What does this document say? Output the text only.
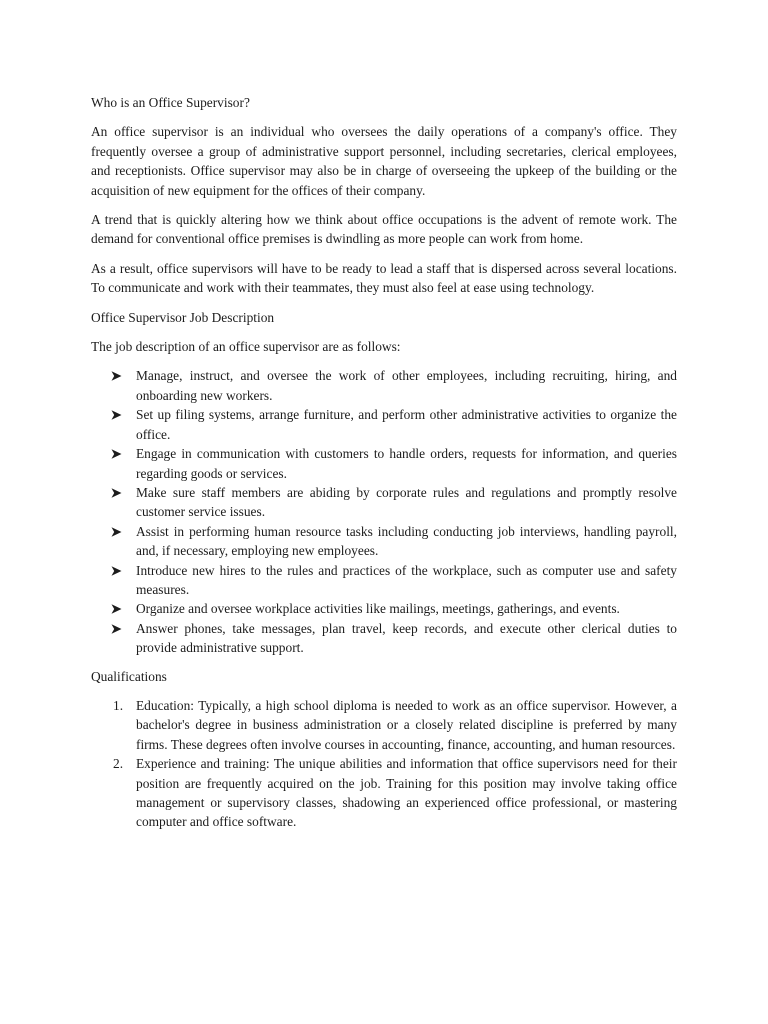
Who is an Office Supervisor?

An office supervisor is an individual who oversees the daily operations of a company's office. They frequently oversee a group of administrative support personnel, including secretaries, clerical employees, and receptionists. Office supervisor may also be in charge of overseeing the upkeep of the building or the acquisition of new equipment for the offices of their company.

A trend that is quickly altering how we think about office occupations is the advent of remote work. The demand for conventional office premises is dwindling as more people can work from home.

As a result, office supervisors will have to be ready to lead a staff that is dispersed across several locations. To communicate and work with their teammates, they must also feel at ease using technology.

Office Supervisor Job Description

The job description of an office supervisor are as follows:

Manage, instruct, and oversee the work of other employees, including recruiting, hiring, and onboarding new workers.
Set up filing systems, arrange furniture, and perform other administrative activities to organize the office.
Engage in communication with customers to handle orders, requests for information, and queries regarding goods or services.
Make sure staff members are abiding by corporate rules and regulations and promptly resolve customer service issues.
Assist in performing human resource tasks including conducting job interviews, handling payroll, and, if necessary, employing new employees.
Introduce new hires to the rules and practices of the workplace, such as computer use and safety measures.
Organize and oversee workplace activities like mailings, meetings, gatherings, and events.
Answer phones, take messages, plan travel, keep records, and execute other clerical duties to provide administrative support.

Qualifications

1. Education: Typically, a high school diploma is needed to work as an office supervisor. However, a bachelor's degree in business administration or a closely related discipline is preferred by many firms. These degrees often involve courses in accounting, finance, accounting, and human resources.
2. Experience and training: The unique abilities and information that office supervisors need for their position are frequently acquired on the job. Training for this position may involve taking office management or supervisory classes, shadowing an experienced office professional, or mastering computer and office software.
